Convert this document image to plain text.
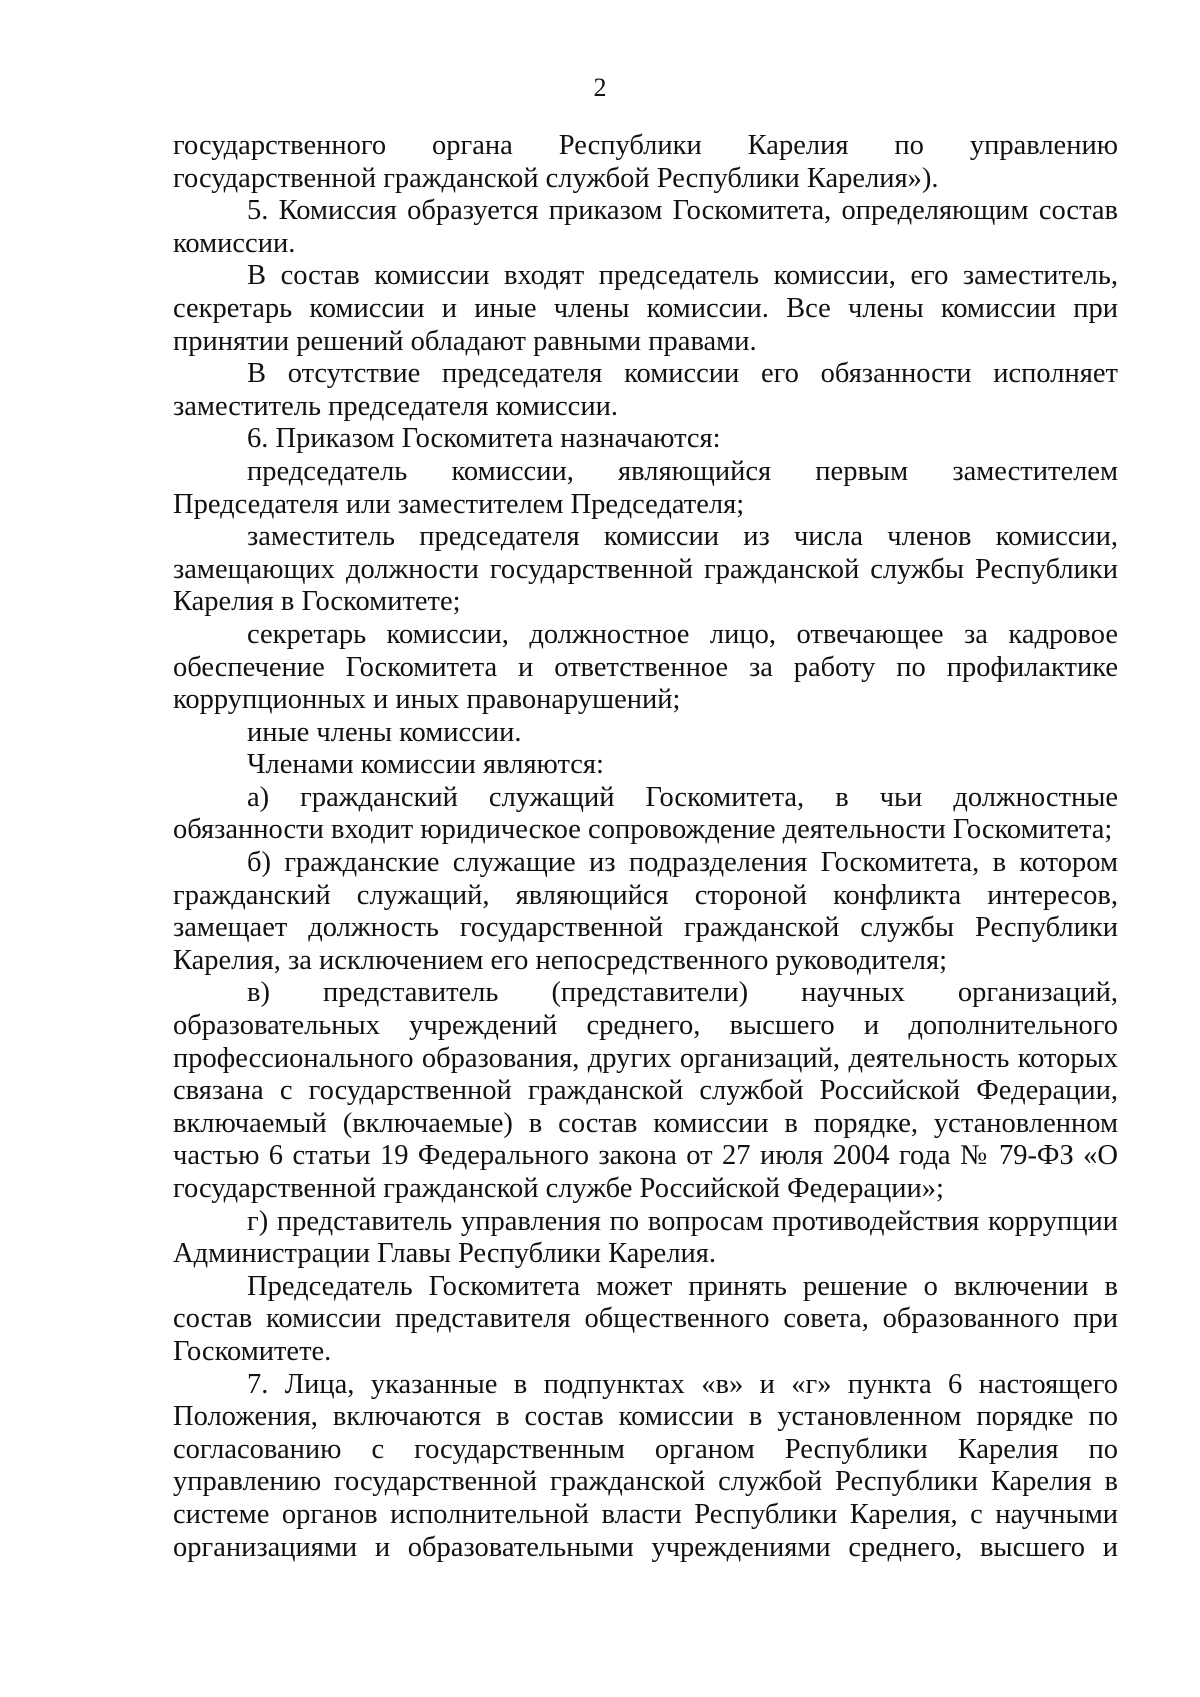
2

государственного органа Республики Карелия по управлению государственной гражданской службой Республики Карелия»).

5. Комиссия образуется приказом Госкомитета, определяющим состав комиссии.

В состав комиссии входят председатель комиссии, его заместитель, секретарь комиссии и иные члены комиссии. Все члены комиссии при принятии решений обладают равными правами.

В отсутствие председателя комиссии его обязанности исполняет заместитель председателя комиссии.

6. Приказом Госкомитета назначаются:

председатель комиссии, являющийся первым заместителем Председателя или заместителем Председателя;

заместитель председателя комиссии из числа членов комиссии, замещающих должности государственной гражданской службы Республики Карелия в Госкомитете;

секретарь комиссии, должностное лицо, отвечающее за кадровое обеспечение Госкомитета и ответственное за работу по профилактике коррупционных и иных правонарушений;

иные члены комиссии.

Членами комиссии являются:

а) гражданский служащий Госкомитета, в чьи должностные обязанности входит юридическое сопровождение деятельности Госкомитета;

б) гражданские служащие из подразделения Госкомитета, в котором гражданский служащий, являющийся стороной конфликта интересов, замещает должность государственной гражданской службы Республики Карелия, за исключением его непосредственного руководителя;

в) представитель (представители) научных организаций, образовательных учреждений среднего, высшего и дополнительного профессионального образования, других организаций, деятельность которых связана с государственной гражданской службой Российской Федерации, включаемый (включаемые) в состав комиссии в порядке, установленном частью 6 статьи 19 Федерального закона от 27 июля 2004 года № 79-ФЗ «О государственной гражданской службе Российской Федерации»;

г) представитель управления по вопросам противодействия коррупции Администрации Главы Республики Карелия.

Председатель Госкомитета может принять решение о включении в состав комиссии представителя общественного совета, образованного при Госкомитете.

7. Лица, указанные в подпунктах «в» и «г» пункта 6 настоящего Положения, включаются в состав комиссии в установленном порядке по согласованию с государственным органом Республики Карелия по управлению государственной гражданской службой Республики Карелия в системе органов исполнительной власти Республики Карелия, с научными организациями и образовательными учреждениями среднего, высшего и
